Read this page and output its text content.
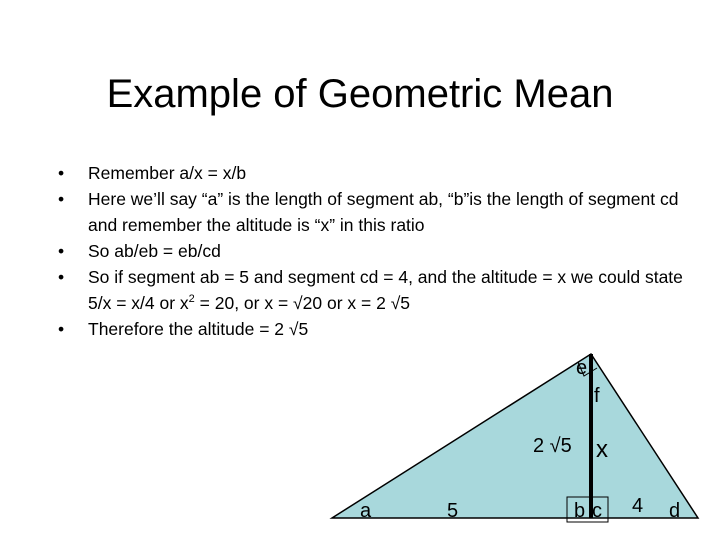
Example of Geometric Mean
• Remember a/x = x/b
• Here we’ll say “a” is the length of segment ab, “b”is the length of segment cd and remember the altitude is “x” in this ratio
• So ab/eb = eb/cd
• So if segment ab = 5 and segment cd = 4, and the altitude = x we could state 5/x = x/4 or $x^2 = 20$, or x = √20 or x = 2 √5
• Therefore the altitude = 2 √5
e
f
2 √5 x
a	5	b c 4 d
